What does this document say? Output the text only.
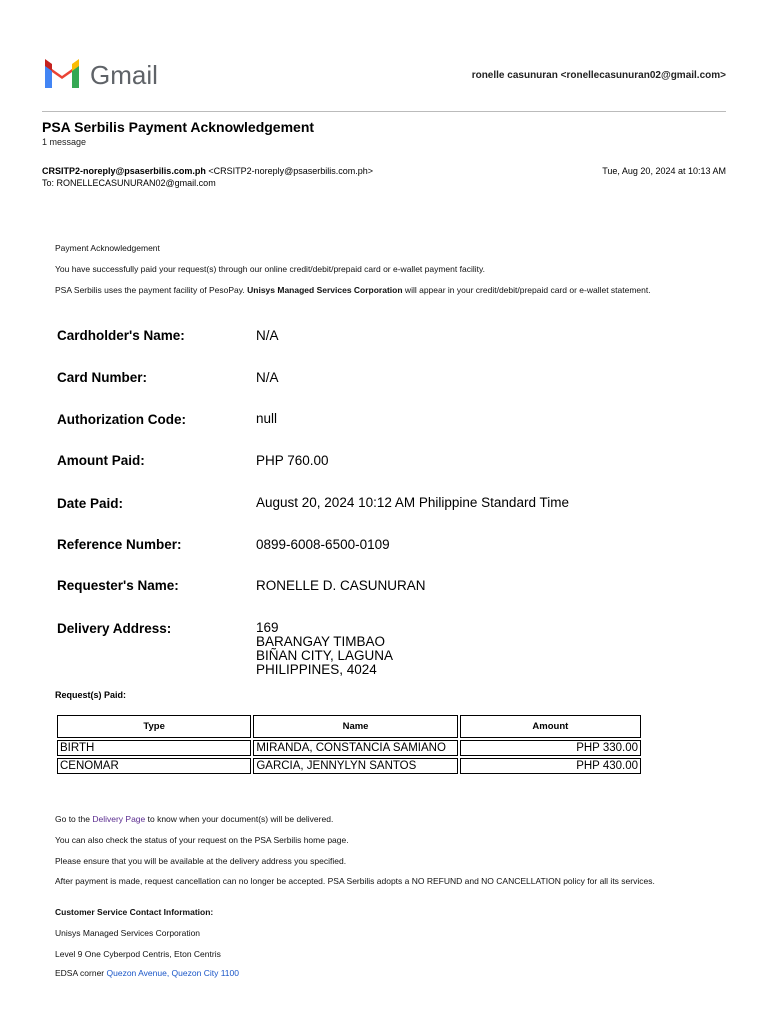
Gmail	ronelle casunuran <ronellecasunuran02@gmail.com>
PSA Serbilis Payment Acknowledgement
1 message
CRSITP2-noreply@psaserbilis.com.ph <CRSITP2-noreply@psaserbilis.com.ph>
To: RONELLECASUNURAN02@gmail.com
Tue, Aug 20, 2024 at 10:13 AM
Payment Acknowledgement
You have successfully paid your request(s) through our online credit/debit/prepaid card or e-wallet payment facility.
PSA Serbilis uses the payment facility of PesoPay. Unisys Managed Services Corporation will appear in your credit/debit/prepaid card or e-wallet statement.
Cardholder's Name:	N/A
Card Number:	N/A
Authorization Code:	null
Amount Paid:	PHP 760.00
Date Paid:	August 20, 2024 10:12 AM Philippine Standard Time
Reference Number:	0899-6008-6500-0109
Requester's Name:	RONELLE D. CASUNURAN
Delivery Address:	169
BARANGAY TIMBAO
BIÑAN CITY, LAGUNA
PHILIPPINES, 4024
Request(s) Paid:
Type	Name	Amount
BIRTH	MIRANDA, CONSTANCIA SAMIANO	PHP 330.00
CENOMAR	GARCIA, JENNYLYN SANTOS	PHP 430.00
Go to the Delivery Page to know when your document(s) will be delivered.
You can also check the status of your request on the PSA Serbilis home page.
Please ensure that you will be available at the delivery address you specified.
After payment is made, request cancellation can no longer be accepted. PSA Serbilis adopts a NO REFUND and NO CANCELLATION policy for all its services.
Customer Service Contact Information:
Unisys Managed Services Corporation
Level 9 One Cyberpod Centris, Eton Centris
EDSA corner Quezon Avenue, Quezon City 1100
